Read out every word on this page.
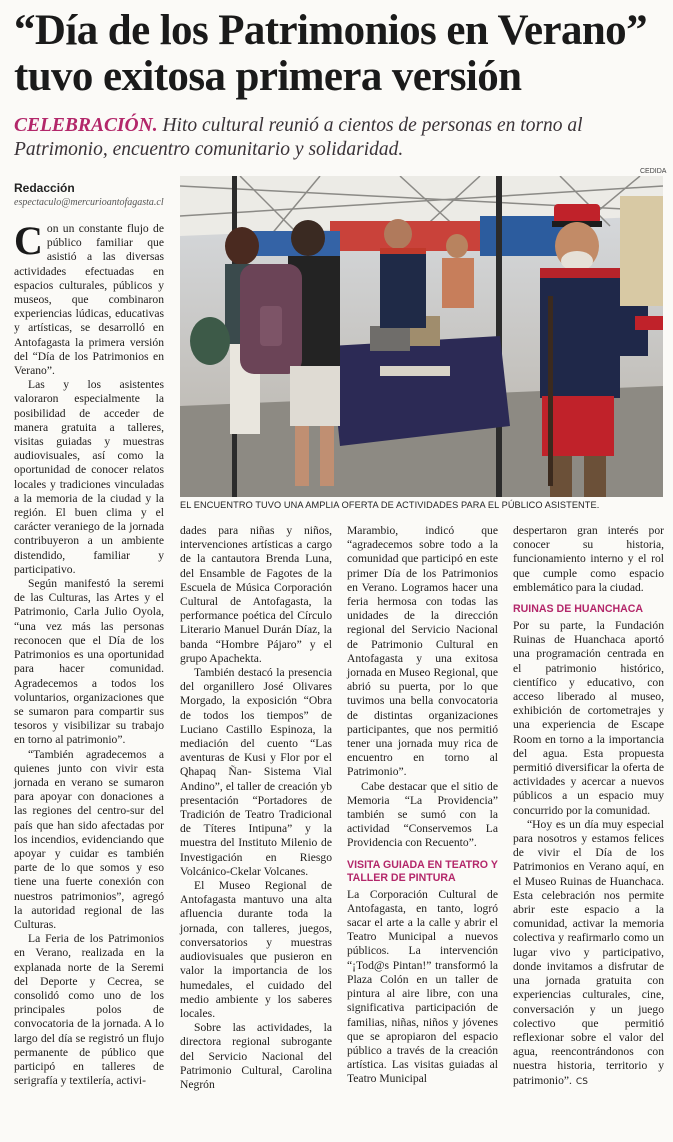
“Día de los Patrimonios en Verano” tuvo exitosa primera versión
CELEBRACIÓN. Hito cultural reunió a cientos de personas en torno al Patrimonio, encuentro comunitario y solidaridad.
Redacción
espectaculo@mercurioantofagasta.cl
CEDIDA
EL ENCUENTRO TUVO UNA AMPLIA OFERTA DE ACTIVIDADES PARA EL PÚBLICO ASISTENTE.

Con un constante flujo de público familiar que asistió a las diversas actividades efectuadas en espacios culturales, públicos y museos, que combinaron experiencias lúdicas, educativas y artísticas, se desarrolló en Antofagasta la primera versión del “Día de los Patrimonios en Verano”.

Las y los asistentes valoraron especialmente la posibilidad de acceder de manera gratuita a talleres, visitas guiadas y muestras audiovisuales, así como la oportunidad de conocer relatos locales y tradiciones vinculadas a la memoria de la ciudad y la región. El buen clima y el carácter veraniego de la jornada contribuyeron a un ambiente distendido, familiar y participativo.

Según manifestó la seremi de las Culturas, las Artes y el Patrimonio, Carla Julio Oyola, “una vez más las personas reconocen que el Día de los Patrimonios es una oportunidad para hacer comunidad. Agradecemos a todos los voluntarios, organizaciones que se sumaron para compartir sus tesoros y visibilizar su trabajo en torno al patrimonio”.

“También agradecemos a quienes junto con vivir esta jornada en verano se sumaron para apoyar con donaciones a las regiones del centro-sur del país que han sido afectadas por los incendios, evidenciando que apoyar y cuidar es también parte de lo que somos y eso tiene una fuerte conexión con nuestros patrimonios”, agregó la autoridad regional de las Culturas.

La Feria de los Patrimonios en Verano, realizada en la explanada norte de la Seremi del Deporte y Cecrea, se consolidó como uno de los principales polos de convocatoria de la jornada. A lo largo del día se registró un flujo permanente de público que participó en talleres de serigrafía y textilería, activi-

dades para niñas y niños, intervenciones artísticas a cargo de la cantautora Brenda Luna, del Ensamble de Fagotes de la Escuela de Música Corporación Cultural de Antofagasta, la performance poética del Círculo Literario Manuel Durán Díaz, la banda “Hombre Pájaro” y el grupo Apachekta.

También destacó la presencia del organillero José Olivares Morgado, la exposición “Obra de todos los tiempos” de Luciano Castillo Espinoza, la mediación del cuento “Las aventuras de Kusi y Flor por el Qhapaq Ñan- Sistema Vial Andino”, el taller de creación yb presentación “Portadores de Tradición de Teatro Tradicional de Títeres Intipuna” y la muestra del Instituto Milenio de Investigación en Riesgo Volcánico-Ckelar Volcanes.

El Museo Regional de Antofagasta mantuvo una alta afluencia durante toda la jornada, con talleres, juegos, conversatorios y muestras audiovisuales que pusieron en valor la importancia de los humedales, el cuidado del medio ambiente y los saberes locales.

Sobre las actividades, la directora regional subrogante del Servicio Nacional del Patrimonio Cultural, Carolina Negrón

Marambio, indicó que “agradecemos sobre todo a la comunidad que participó en este primer Día de los Patrimonios en Verano. Logramos hacer una feria hermosa con todas las unidades de la dirección regional del Servicio Nacional de Patrimonio Cultural en Antofagasta y una exitosa jornada en Museo Regional, que abrió su puerta, por lo que tuvimos una bella convocatoria de distintas organizaciones participantes, que nos permitió tener una jornada muy rica de encuentro en torno al Patrimonio”.

Cabe destacar que el sitio de Memoria “La Providencia” también se sumó con la actividad “Conservemos La Providencia con Recuento”.

VISITA GUIADA EN TEATRO Y TALLER DE PINTURA

La Corporación Cultural de Antofagasta, en tanto, logró sacar el arte a la calle y abrir el Teatro Municipal a nuevos públicos. La intervención “¡Tod@s Pintan!” transformó la Plaza Colón en un taller de pintura al aire libre, con una significativa participación de familias, niñas, niños y jóvenes que se apropiaron del espacio público a través de la creación artística. Las visitas guiadas al Teatro Municipal

despertaron gran interés por conocer su historia, funcionamiento interno y el rol que cumple como espacio emblemático para la ciudad.

RUINAS DE HUANCHACA

Por su parte, la Fundación Ruinas de Huanchaca aportó una programación centrada en el patrimonio histórico, científico y educativo, con acceso liberado al museo, exhibición de cortometrajes y una experiencia de Escape Room en torno a la importancia del agua. Esta propuesta permitió diversificar la oferta de actividades y acercar a nuevos públicos a un espacio muy concurrido por la comunidad.

“Hoy es un día muy especial para nosotros y estamos felices de vivir el Día de los Patrimonios en Verano aquí, en el Museo Ruinas de Huanchaca. Esta celebración nos permite abrir este espacio a la comunidad, activar la memoria colectiva y reafirmarlo como un lugar vivo y participativo, donde invitamos a disfrutar de una jornada gratuita con experiencias culturales, cine, conversación y un juego colectivo que permitió reflexionar sobre el valor del agua, reencontrándonos con nuestra historia, territorio y patrimonio”. CS
